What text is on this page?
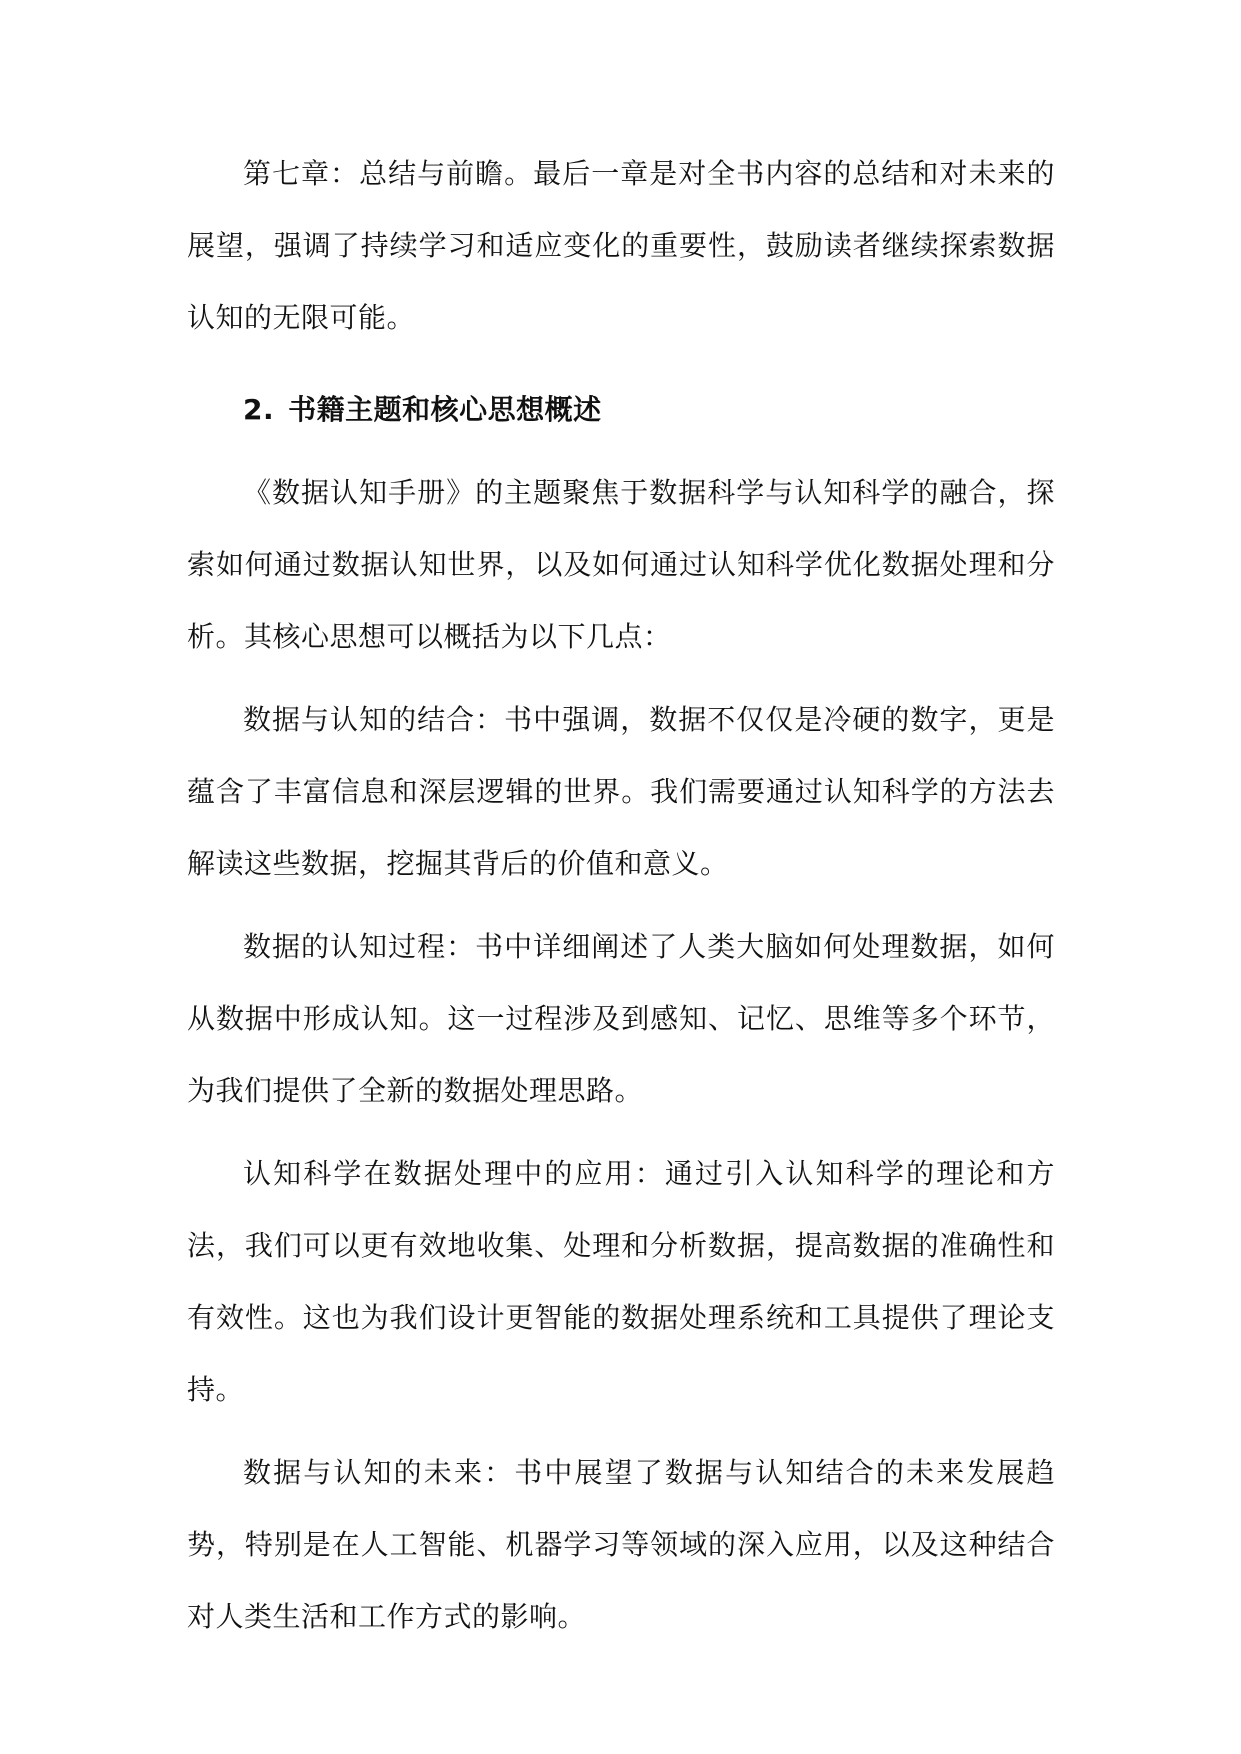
第七章：总结与前瞻。最后一章是对全书内容的总结和对未来的展望，强调了持续学习和适应变化的重要性，鼓励读者继续探索数据认知的无限可能。

2. 书籍主题和核心思想概述

《数据认知手册》的主题聚焦于数据科学与认知科学的融合，探索如何通过数据认知世界，以及如何通过认知科学优化数据处理和分析。其核心思想可以概括为以下几点：

数据与认知的结合：书中强调，数据不仅仅是冷硬的数字，更是蕴含了丰富信息和深层逻辑的世界。我们需要通过认知科学的方法去解读这些数据，挖掘其背后的价值和意义。

数据的认知过程：书中详细阐述了人类大脑如何处理数据，如何从数据中形成认知。这一过程涉及到感知、记忆、思维等多个环节，为我们提供了全新的数据处理思路。

认知科学在数据处理中的应用：通过引入认知科学的理论和方法，我们可以更有效地收集、处理和分析数据，提高数据的准确性和有效性。这也为我们设计更智能的数据处理系统和工具提供了理论支持。

数据与认知的未来：书中展望了数据与认知结合的未来发展趋势，特别是在人工智能、机器学习等领域的深入应用，以及这种结合对人类生活和工作方式的影响。
